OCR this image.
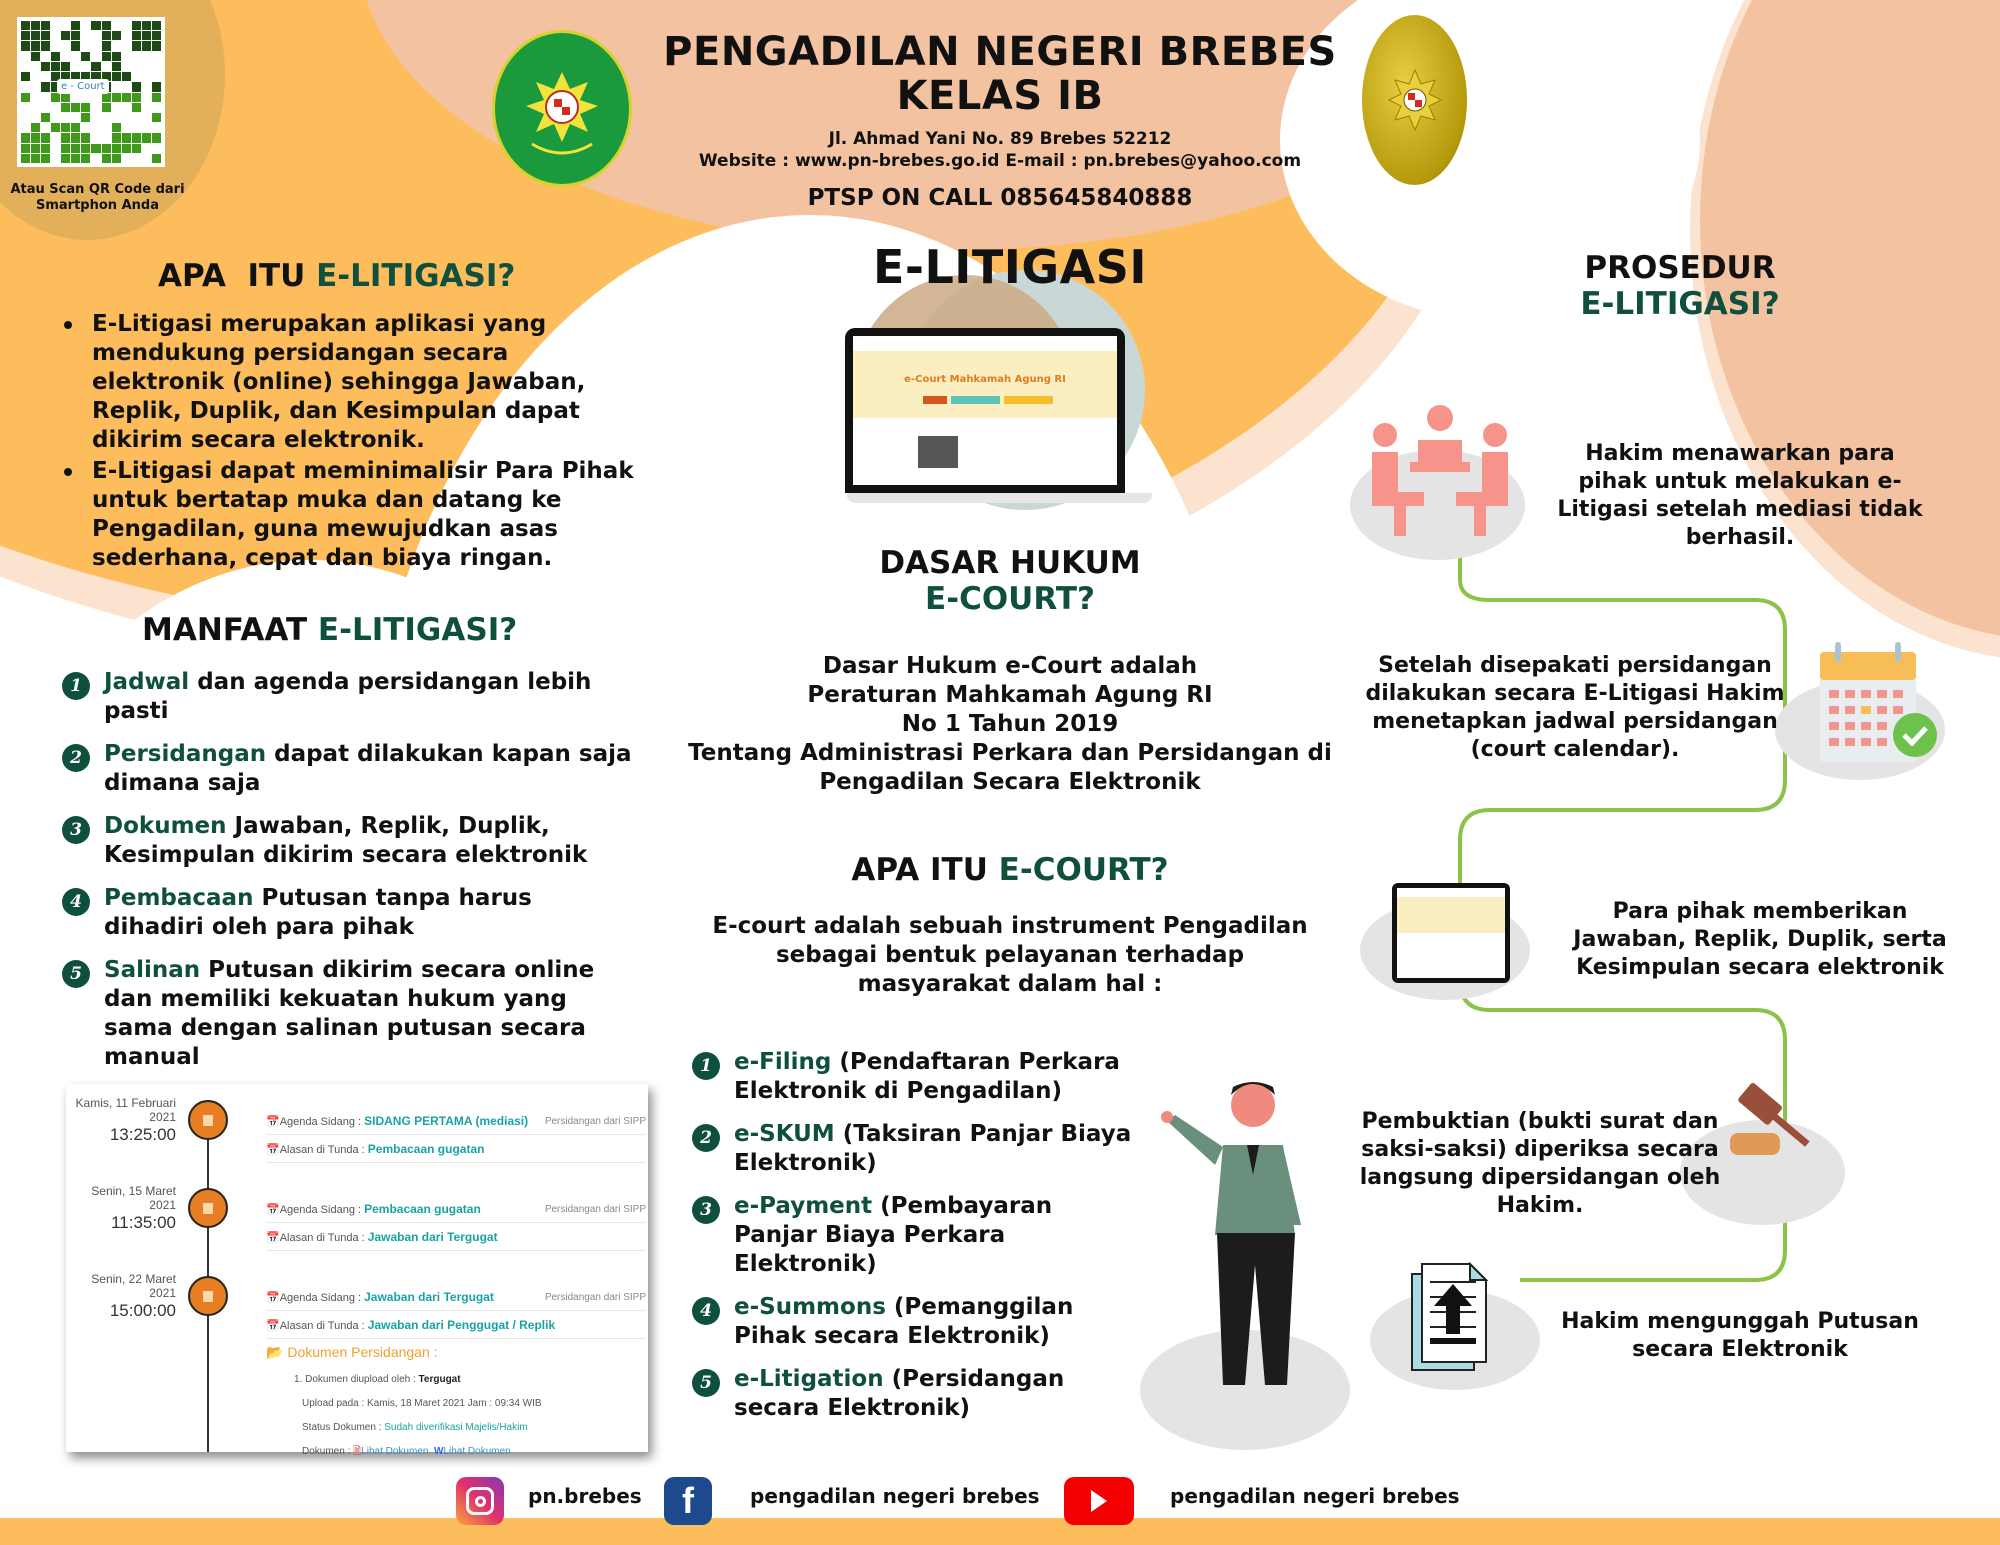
e - Court
Atau Scan QR Code dari
Smartphon Anda
PENGADILAN NEGERI BREBES
KELAS IB
Jl. Ahmad Yani No. 89 Brebes 52212
Website : www.pn-brebes.go.id E-mail : pn.brebes@yahoo.com
PTSP ON CALL 085645840888
APA  ITU E-LITIGASI?
E-Litigasi merupakan aplikasi yang mendukung persidangan secara elektronik (online) sehingga Jawaban, Replik, Duplik, dan Kesimpulan dapat dikirim secara elektronik.
E-Litigasi dapat meminimalisir Para Pihak untuk bertatap muka dan datang ke Pengadilan, guna mewujudkan asas sederhana, cepat dan biaya ringan.
MANFAAT E-LITIGASI?
1 Jadwal dan agenda persidangan lebih pasti
2 Persidangan dapat dilakukan kapan saja dimana saja
3 Dokumen Jawaban, Replik, Duplik, Kesimpulan dikirim secara elektronik
4 Pembacaan Putusan tanpa harus dihadiri oleh para pihak
5 Salinan Putusan dikirim secara online dan memiliki kekuatan hukum yang sama dengan salinan putusan secara manual
Kamis, 11 Februari 2021
13:25:00
📅Agenda Sidang : SIDANG PERTAMA (mediasi) Persidangan dari SIPP
📅Alasan di Tunda : Pembacaan gugatan
Senin, 15 Maret 2021
11:35:00
📅Agenda Sidang : Pembacaan gugatan	Persidangan dari SIPP
📅Alasan di Tunda : Jawaban dari Tergugat
Senin, 22 Maret 2021
15:00:00
📅Agenda Sidang : Jawaban dari Tergugat	Persidangan dari SIPP
📅Alasan di Tunda : Jawaban dari Penggugat / Replik
📂 Dokumen Persidangan :
1. Dokumen diupload oleh : Tergugat
Upload pada : Kamis, 18 Maret 2021 Jam : 09:34 WIB
Status Dokumen : Sudah diverifikasi Majelis/Hakim
Dokumen : 🗎Lihat Dokumen WLihat Dokumen
E-LITIGASI
e-Court Mahkamah Agung RI
DASAR HUKUM
E-COURT?
Dasar Hukum e-Court adalah
Peraturan Mahkamah Agung RI
No 1 Tahun 2019
Tentang Administrasi Perkara dan Persidangan di
Pengadilan Secara Elektronik
APA ITU E-COURT?
E-court adalah sebuah instrument Pengadilan
sebagai bentuk pelayanan terhadap
masyarakat dalam hal :
1 e-Filing (Pendaftaran Perkara Elektronik di Pengadilan)
2 e-SKUM (Taksiran Panjar Biaya Elektronik)
3 e-Payment (Pembayaran Panjar Biaya Perkara Elektronik)
4 e-Summons (Pemanggilan Pihak secara Elektronik)
5 e-Litigation (Persidangan secara Elektronik)
PROSEDUR
E-LITIGASI?
Hakim menawarkan para pihak untuk melakukan e-Litigasi setelah mediasi tidak berhasil.
Setelah disepakati persidangan dilakukan secara E-Litigasi Hakim menetapkan jadwal persidangan (court calendar).
Para pihak memberikan Jawaban, Replik, Duplik, serta Kesimpulan secara elektronik
Pembuktian (bukti surat dan saksi-saksi) diperiksa secara langsung dipersidangan oleh Hakim.
Hakim mengunggah Putusan secara Elektronik
pn.brebes	f	pengadilan negeri brebes	pengadilan negeri brebes
